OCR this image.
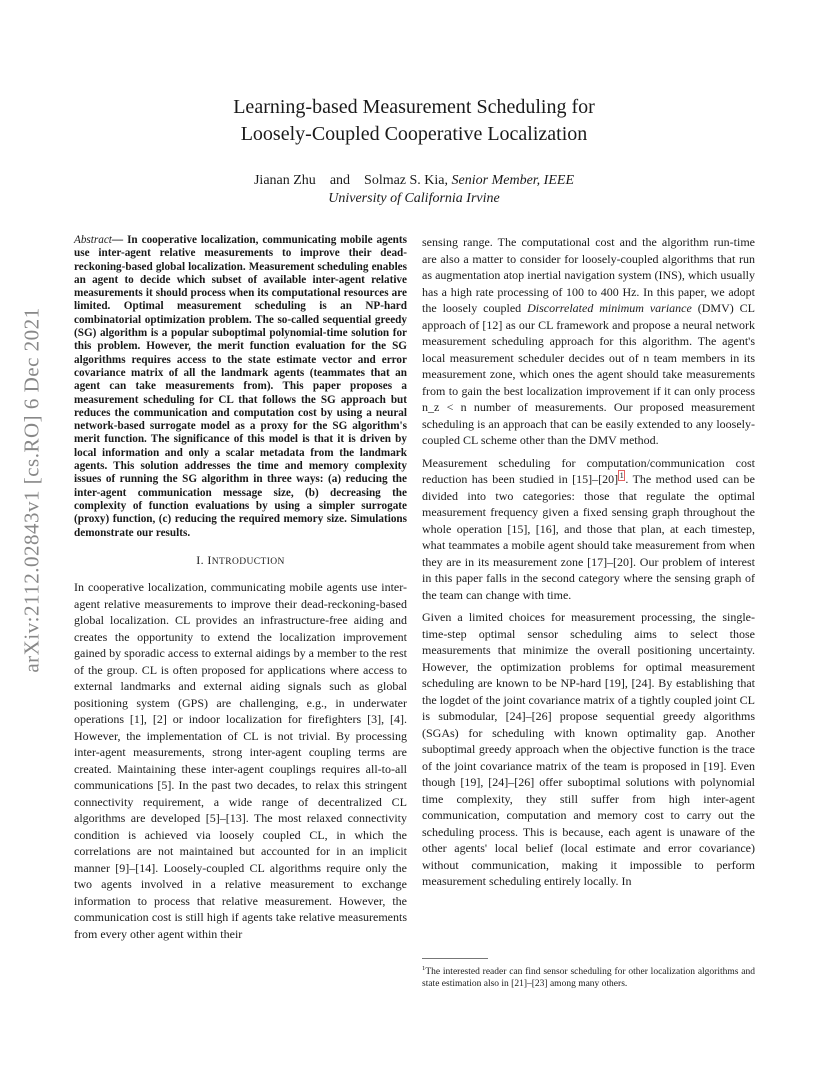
arXiv:2112.02843v1 [cs.RO] 6 Dec 2021
Learning-based Measurement Scheduling for
Loosely-Coupled Cooperative Localization
Jianan Zhu and Solmaz S. Kia, Senior Member, IEEE
University of California Irvine

Abstract— In cooperative localization, communicating mobile agents use inter-agent relative measurements to improve their dead-reckoning-based global localization. Measurement scheduling enables an agent to decide which subset of available inter-agent relative measurements it should process when its computational resources are limited. Optimal measurement scheduling is an NP-hard combinatorial optimization problem. The so-called sequential greedy (SG) algorithm is a popular suboptimal polynomial-time solution for this problem. However, the merit function evaluation for the SG algorithms requires access to the state estimate vector and error covariance matrix of all the landmark agents (teammates that an agent can take measurements from). This paper proposes a measurement scheduling for CL that follows the SG approach but reduces the communication and computation cost by using a neural network-based surrogate model as a proxy for the SG algorithm's merit function. The significance of this model is that it is driven by local information and only a scalar metadata from the landmark agents. This solution addresses the time and memory complexity issues of running the SG algorithm in three ways: (a) reducing the inter-agent communication message size, (b) decreasing the complexity of function evaluations by using a simpler surrogate (proxy) function, (c) reducing the required memory size. Simulations demonstrate our results.

I. INTRODUCTION

In cooperative localization, communicating mobile agents use inter-agent relative measurements to improve their dead-reckoning-based global localization. CL provides an infrastructure-free aiding and creates the opportunity to extend the localization improvement gained by sporadic access to external aidings by a member to the rest of the group. CL is often proposed for applications where access to external landmarks and external aiding signals such as global positioning system (GPS) are challenging, e.g., in underwater operations [1], [2] or indoor localization for firefighters [3], [4]. However, the implementation of CL is not trivial. By processing inter-agent measurements, strong inter-agent coupling terms are created. Maintaining these inter-agent couplings requires all-to-all communications [5]. In the past two decades, to relax this stringent connectivity requirement, a wide range of decentralized CL algorithms are developed [5]–[13]. The most relaxed connectivity condition is achieved via loosely coupled CL, in which the correlations are not maintained but accounted for in an implicit manner [9]–[14]. Loosely-coupled CL algorithms require only the two agents involved in a relative measurement to exchange information to process that relative measurement. However, the communication cost is still high if agents take relative measurements from every other agent within their

sensing range. The computational cost and the algorithm run-time are also a matter to consider for loosely-coupled algorithms that run as augmentation atop inertial navigation system (INS), which usually has a high rate processing of 100 to 400 Hz. In this paper, we adopt the loosely coupled Discorrelated minimum variance (DMV) CL approach of [12] as our CL framework and propose a neural network measurement scheduling approach for this algorithm. The agent's local measurement scheduler decides out of n team members in its measurement zone, which ones the agent should take measurements from to gain the best localization improvement if it can only process n_z < n number of measurements. Our proposed measurement scheduling is an approach that can be easily extended to any loosely-coupled CL scheme other than the DMV method.

Measurement scheduling for computation/communication cost reduction has been studied in [15]–[20] $^1$ . The method used can be divided into two categories: those that regulate the optimal measurement frequency given a fixed sensing graph throughout the whole operation [15], [16], and those that plan, at each timestep, what teammates a mobile agent should take measurement from when they are in its measurement zone [17]–[20]. Our problem of interest in this paper falls in the second category where the sensing graph of the team can change with time.

Given a limited choices for measurement processing, the single-time-step optimal sensor scheduling aims to select those measurements that minimize the overall positioning uncertainty. However, the optimization problems for optimal measurement scheduling are known to be NP-hard [19], [24]. By establishing that the logdet of the joint covariance matrix of a tightly coupled joint CL is submodular, [24]–[26] propose sequential greedy algorithms (SGAs) for scheduling with known optimality gap. Another suboptimal greedy approach when the objective function is the trace of the joint covariance matrix of the team is proposed in [19]. Even though [19], [24]–[26] offer suboptimal solutions with polynomial time complexity, they still suffer from high inter-agent communication, computation and memory cost to carry out the scheduling process. This is because, each agent is unaware of the other agents' local belief (local estimate and error covariance) without communication, making it impossible to perform measurement scheduling entirely locally. In

$^1$The interested reader can find sensor scheduling for other localization algorithms and state estimation also in [21]–[23] among many others.
